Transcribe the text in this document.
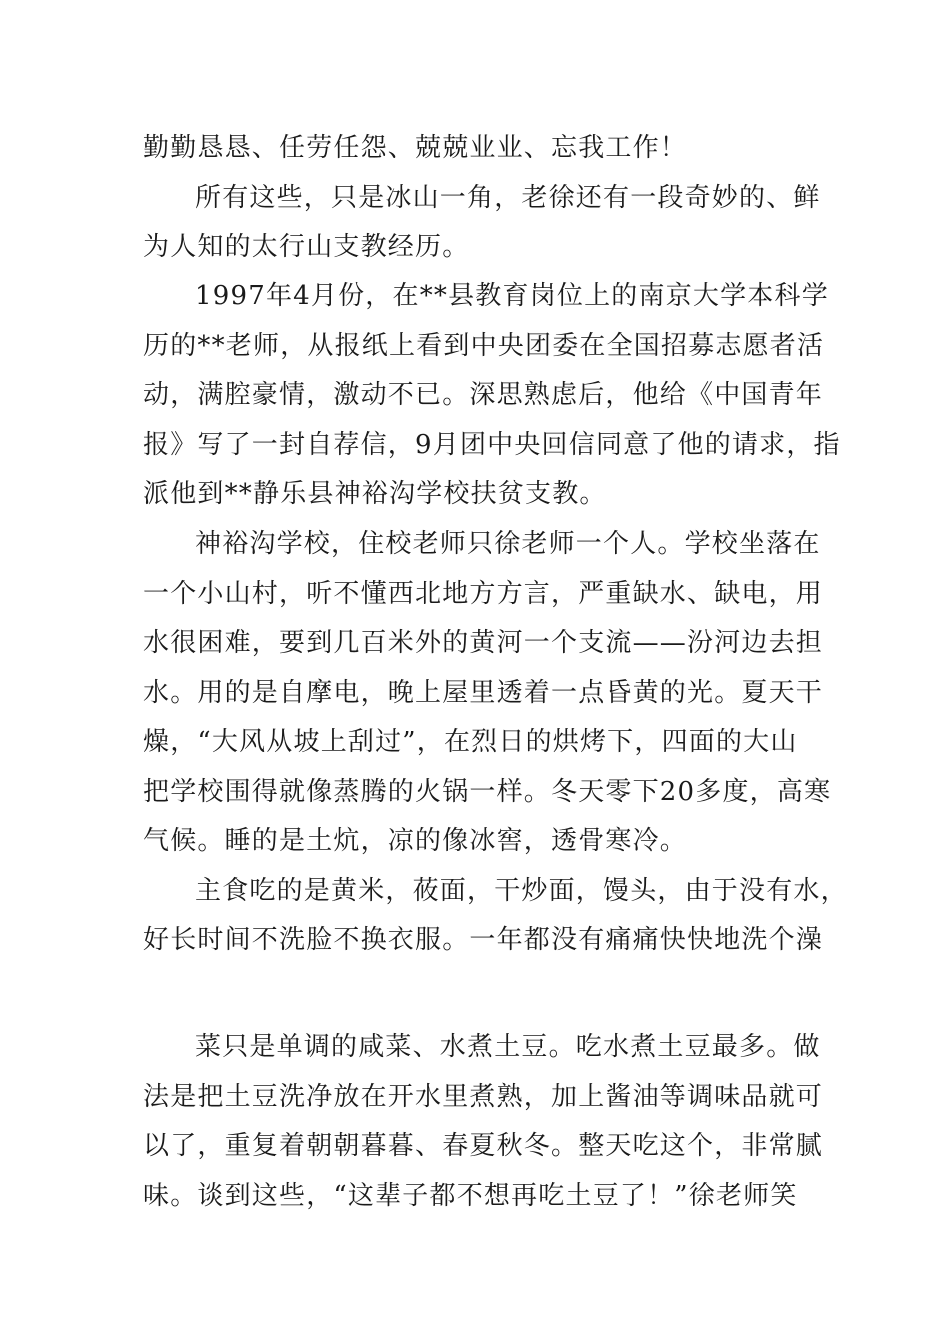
勤勤恳恳、任劳任怨、兢兢业业、忘我工作！
所有这些，只是冰山一角，老徐还有一段奇妙的、鲜
为人知的太行山支教经历。
1997年4月份，在**县教育岗位上的南京大学本科学
历的**老师，从报纸上看到中央团委在全国招募志愿者活
动，满腔豪情，激动不已。深思熟虑后，他给《中国青年
报》写了一封自荐信，9月团中央回信同意了他的请求，指
派他到**静乐县神裕沟学校扶贫支教。
神裕沟学校，住校老师只徐老师一个人。学校坐落在
一个小山村，听不懂西北地方方言，严重缺水、缺电，用
水很困难，要到几百米外的黄河一个支流——汾河边去担
水。用的是自摩电，晚上屋里透着一点昏黄的光。夏天干
燥，“大风从坡上刮过”，在烈日的烘烤下，四面的大山
把学校围得就像蒸腾的火锅一样。冬天零下20多度，高寒
气候。睡的是土炕，凉的像冰窖，透骨寒冷。
主食吃的是黄米，莜面，干炒面，馒头，由于没有水，
好长时间不洗脸不换衣服。一年都没有痛痛快快地洗个澡
菜只是单调的咸菜、水煮土豆。吃水煮土豆最多。做
法是把土豆洗净放在开水里煮熟，加上酱油等调味品就可
以了，重复着朝朝暮暮、春夏秋冬。整天吃这个，非常腻
味。谈到这些，“这辈子都不想再吃土豆了！”徐老师笑
